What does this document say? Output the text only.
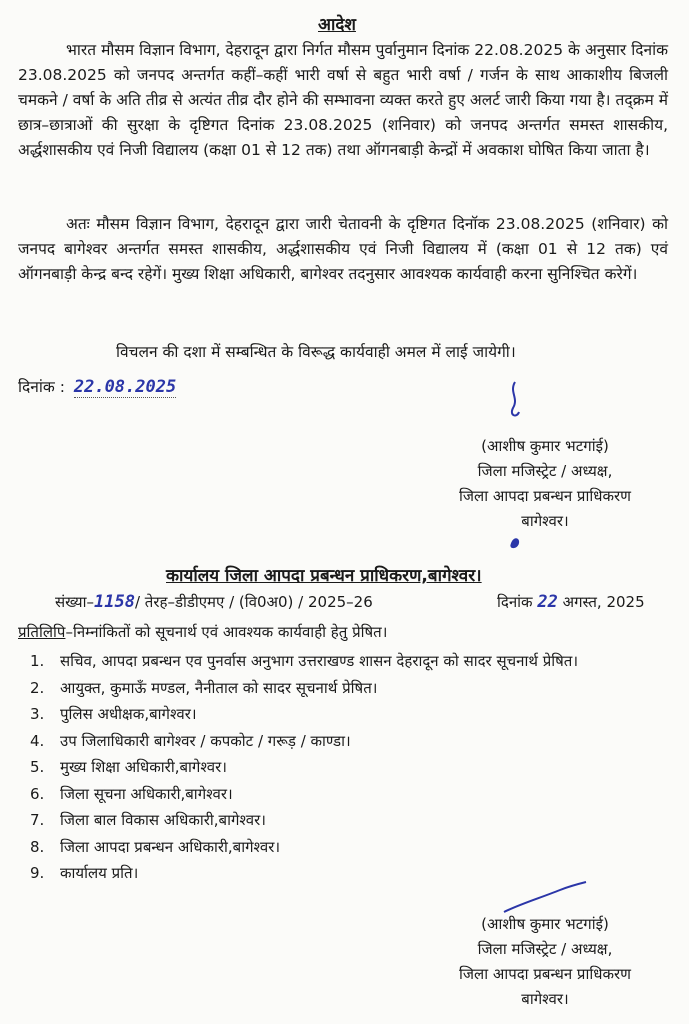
आदेश
भारत मौसम विज्ञान विभाग, देहरादून द्वारा निर्गत मौसम पुर्वानुमान दिनांक 22.08.2025 के अनुसार दिनांक 23.08.2025 को जनपद अन्तर्गत कहीं–कहीं भारी वर्षा से बहुत भारी वर्षा / गर्जन के साथ आकाशीय बिजली चमकने / वर्षा के अति तीव्र से अत्यंत तीव्र दौर होने की सम्भावना व्यक्त करते हुए अलर्ट जारी किया गया है। तद्क्रम में छात्र–छात्राओं की सुरक्षा के दृष्टिगत दिनांक 23.08.2025 (शनिवार) को जनपद अन्तर्गत समस्त शासकीय, अर्द्धशासकीय एवं निजी विद्यालय (कक्षा 01 से 12 तक) तथा ऑगनबाड़ी केन्द्रों में अवकाश घोषित किया जाता है।
अतः मौसम विज्ञान विभाग, देहरादून द्वारा जारी चेतावनी के दृष्टिगत दिनॉक 23.08.2025 (शनिवार) को जनपद बागेश्वर अन्तर्गत समस्त शासकीय, अर्द्धशासकीय एवं निजी विद्यालय में (कक्षा 01 से 12 तक) एवं ऑगनबाड़ी केन्द्र बन्द रहेगें। मुख्य शिक्षा अधिकारी, बागेश्वर तदनुसार आवश्यक कार्यवाही करना सुनिश्चित करेगें।
विचलन की दशा में सम्बन्धित के विरूद्ध कार्यवाही अमल में लाई जायेगी।
दिनांक : 22.08.2025
(आशीष कुमार भटगांई)
जिला मजिस्ट्रेट / अध्यक्ष,
जिला आपदा प्रबन्धन प्राधिकरण
बागेश्वर।
कार्यालय जिला आपदा प्रबन्धन प्राधिकरण,बागेश्वर।
संख्या–1158/ तेरह–डीडीएमए / (वि0अ0) / 2025–26	दिनांक 22 अगस्त, 2025
प्रतिलिपि–निम्नांकितों को सूचनार्थ एवं आवश्यक कार्यवाही हेतु प्रेषित।
1. सचिव, आपदा प्रबन्धन एव पुनर्वास अनुभाग उत्तराखण्ड शासन देहरादून को सादर सूचनार्थ प्रेषित।
2. आयुक्त, कुमाऊँ मण्डल, नैनीताल को सादर सूचनार्थ प्रेषित।
3. पुलिस अधीक्षक,बागेश्वर।
4. उप जिलाधिकारी बागेश्वर / कपकोट / गरूड़ / काण्डा।
5. मुख्य शिक्षा अधिकारी,बागेश्वर।
6. जिला सूचना अधिकारी,बागेश्वर।
7. जिला बाल विकास अधिकारी,बागेश्वर।
8. जिला आपदा प्रबन्धन अधिकारी,बागेश्वर।
9. कार्यालय प्रति।
(आशीष कुमार भटगांई)
जिला मजिस्ट्रेट / अध्यक्ष,
जिला आपदा प्रबन्धन प्राधिकरण
बागेश्वर।
